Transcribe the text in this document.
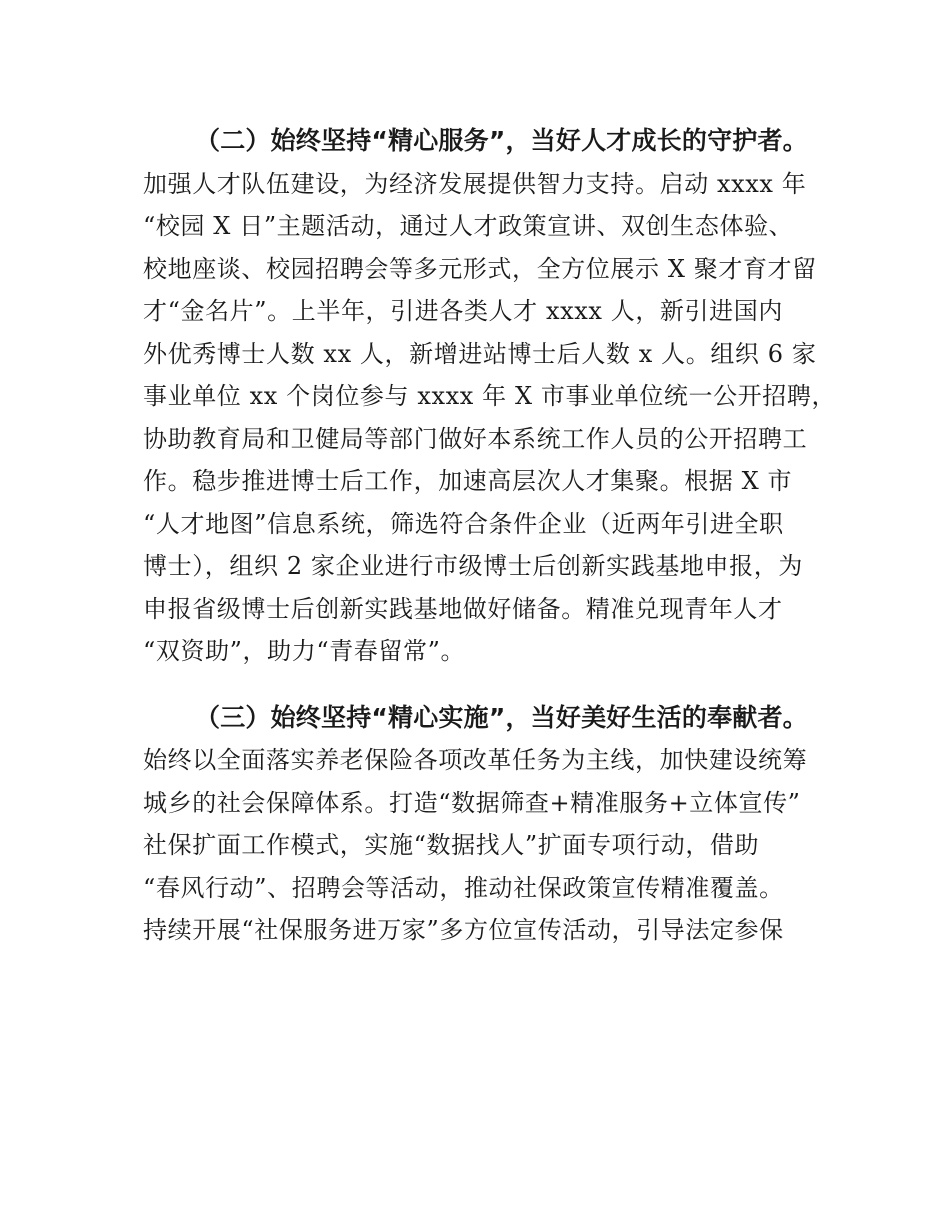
（二）始终坚持“精心服务”，当好人才成长的守护者。
加强人才队伍建设，为经济发展提供智力支持。启动 xxxx 年
“校园 X 日”主题活动，通过人才政策宣讲、双创生态体验、
校地座谈、校园招聘会等多元形式，全方位展示 X 聚才育才留
才“金名片”。上半年，引进各类人才 xxxx 人，新引进国内
外优秀博士人数 xx 人，新增进站博士后人数 x 人。组织 6 家
事业单位 xx 个岗位参与 xxxx 年 X 市事业单位统一公开招聘，
协助教育局和卫健局等部门做好本系统工作人员的公开招聘工
作。稳步推进博士后工作，加速高层次人才集聚。根据 X 市
“人才地图”信息系统，筛选符合条件企业（近两年引进全职
博士），组织 2 家企业进行市级博士后创新实践基地申报，为
申报省级博士后创新实践基地做好储备。精准兑现青年人才
“双资助”，助力“青春留常”。
（三）始终坚持“精心实施”，当好美好生活的奉献者。
始终以全面落实养老保险各项改革任务为主线，加快建设统筹
城乡的社会保障体系。打造“数据筛查+精准服务+立体宣传”
社保扩面工作模式，实施“数据找人”扩面专项行动，借助
“春风行动”、招聘会等活动，推动社保政策宣传精准覆盖。
持续开展“社保服务进万家”多方位宣传活动，引导法定参保
